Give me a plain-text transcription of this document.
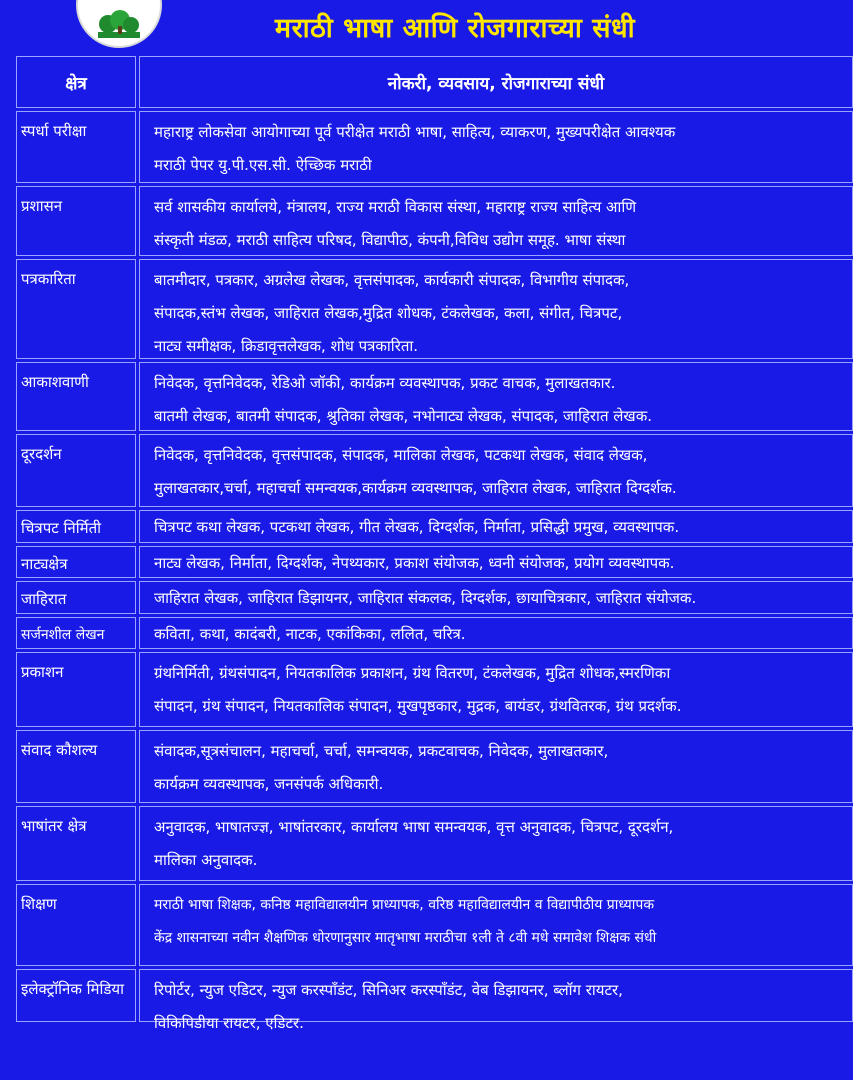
मराठी भाषा आणि रोजगाराच्या संधी
क्षेत्र	नोकरी, व्यवसाय, रोजगाराच्या संधी
स्पर्धा परीक्षा	महाराष्ट्र लोकसेवा आयोगाच्या पूर्व परीक्षेत मराठी भाषा, साहित्य, व्याकरण, मुख्यपरीक्षेत आवश्यक
मराठी पेपर यु.पी.एस.सी. ऐच्छिक मराठी
प्रशासन	सर्व शासकीय कार्यालये, मंत्रालय, राज्य मराठी विकास संस्था, महाराष्ट्र राज्य साहित्य आणि
संस्कृती मंडळ, मराठी साहित्य परिषद, विद्यापीठ, कंपनी,विविध उद्योग समूह. भाषा संस्था
पत्रकारिता	बातमीदार, पत्रकार, अग्रलेख लेखक, वृत्तसंपादक, कार्यकारी संपादक, विभागीय संपादक,
संपादक,स्तंभ लेखक, जाहिरात लेखक,मुद्रित शोधक, टंकलेखक, कला, संगीत, चित्रपट,
नाट्य समीक्षक, क्रिडावृत्तलेखक, शोध पत्रकारिता.
आकाशवाणी	निवेदक, वृत्तनिवेदक, रेडिओ जॉकी, कार्यक्रम व्यवस्थापक, प्रकट वाचक, मुलाखतकार.
बातमी लेखक, बातमी संपादक, श्रुतिका लेखक, नभोनाट्य लेखक, संपादक, जाहिरात लेखक.
दूरदर्शन	निवेदक, वृत्तनिवेदक, वृत्तसंपादक, संपादक, मालिका लेखक, पटकथा लेखक, संवाद लेखक,
मुलाखतकार,चर्चा, महाचर्चा समन्वयक,कार्यक्रम व्यवस्थापक, जाहिरात लेखक, जाहिरात दिग्दर्शक.
चित्रपट निर्मिती	चित्रपट कथा लेखक, पटकथा लेखक, गीत लेखक, दिग्दर्शक, निर्माता, प्रसिद्धी प्रमुख, व्यवस्थापक.
नाट्यक्षेत्र	नाट्य लेखक, निर्माता, दिग्दर्शक, नेपथ्यकार, प्रकाश संयोजक, ध्वनी संयोजक, प्रयोग व्यवस्थापक.
जाहिरात	जाहिरात लेखक, जाहिरात डिझायनर, जाहिरात संकलक, दिग्दर्शक, छायाचित्रकार, जाहिरात संयोजक.
सर्जनशील लेखन	कविता, कथा, कादंबरी, नाटक, एकांकिका, ललित, चरित्र.
प्रकाशन	ग्रंथनिर्मिती, ग्रंथसंपादन, नियतकालिक प्रकाशन, ग्रंथ वितरण, टंकलेखक, मुद्रित शोधक,स्मरणिका
संपादन, ग्रंथ संपादन, नियतकालिक संपादन, मुखपृष्ठकार, मुद्रक, बायंडर, ग्रंथवितरक, ग्रंथ प्रदर्शक.
संवाद कौशल्य	संवादक,सूत्रसंचालन, महाचर्चा, चर्चा, समन्वयक, प्रकटवाचक, निवेदक, मुलाखतकार,
कार्यक्रम व्यवस्थापक, जनसंपर्क अधिकारी.
भाषांतर क्षेत्र	अनुवादक, भाषातज्ज्ञ, भाषांतरकार, कार्यालय भाषा समन्वयक, वृत्त अनुवादक, चित्रपट, दूरदर्शन,
मालिका अनुवादक.
शिक्षण	मराठी भाषा शिक्षक, कनिष्ठ महाविद्यालयीन प्राध्यापक, वरिष्ठ महाविद्यालयीन व विद्यापीठीय प्राध्यापक
केंद्र शासनाच्या नवीन शैक्षणिक धोरणानुसार मातृभाषा मराठीचा १ली ते ८वी मधे समावेश शिक्षक संधी
इलेक्ट्रॉनिक मिडिया	रिपोर्टर, न्युज एडिटर, न्युज करस्पाँडंट, सिनिअर करस्पाँडंट, वेब डिझायनर, ब्लॉग रायटर,
विकिपिडीया रायटर, एडिटर.
